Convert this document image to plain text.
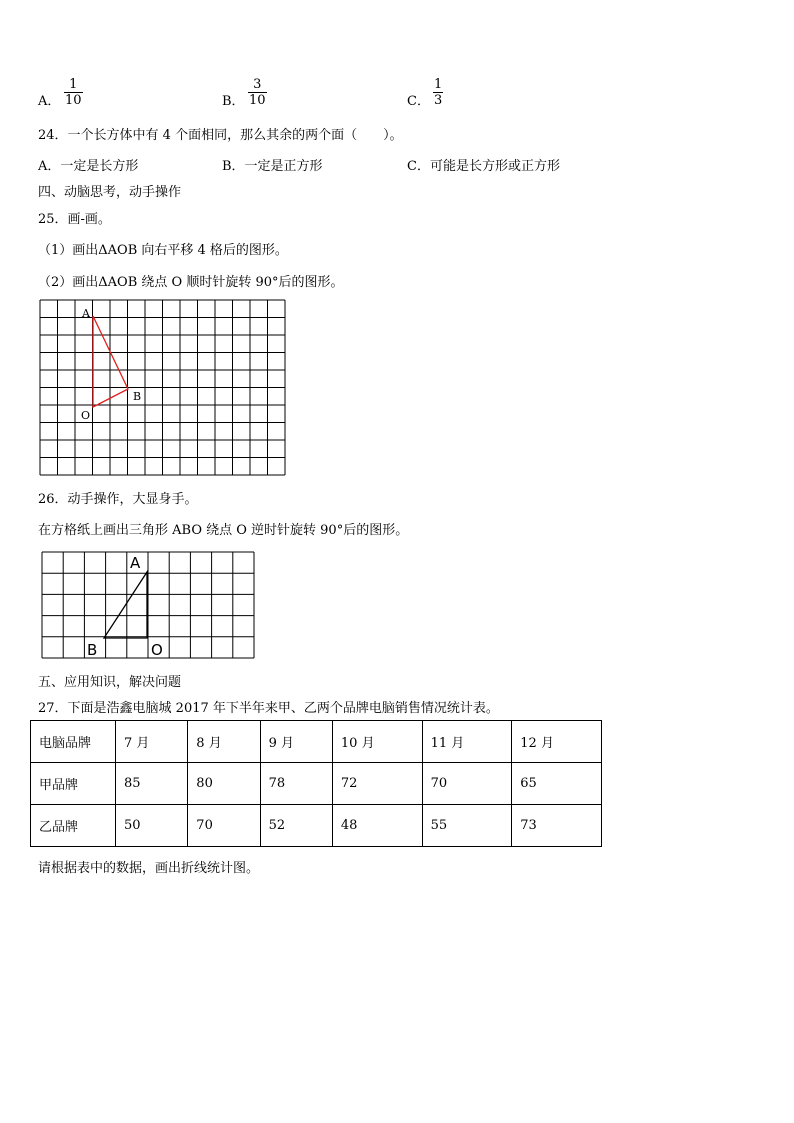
A．
1
10	B．
3
10	C．
1
3
24．一个长方体中有 4 个面相同，那么其余的两个面（　　）。
A．一定是长方形	B．一定是正方形	C．可能是长方形或正方形
四、动脑思考，动手操作
25．画-画。
（1）画出ΔAOB 向右平移 4 格后的图形。
（2）画出ΔAOB 绕点 O 顺时针旋转 90°后的图形。
A
B
O
26．动手操作，大显身手。
在方格纸上画出三角形 ABO 绕点 O 逆时针旋转 90°后的图形。
A
B	O
五、应用知识，解决问题
27．下面是浩鑫电脑城 2017 年下半年来甲、乙两个品牌电脑销售情况统计表。
电脑品牌	7 月	8 月	9 月	10 月	11 月	12 月
甲品牌	85	80	78	72	70	65
乙品牌	50	70	52	48	55	73
请根据表中的数据，画出折线统计图。
